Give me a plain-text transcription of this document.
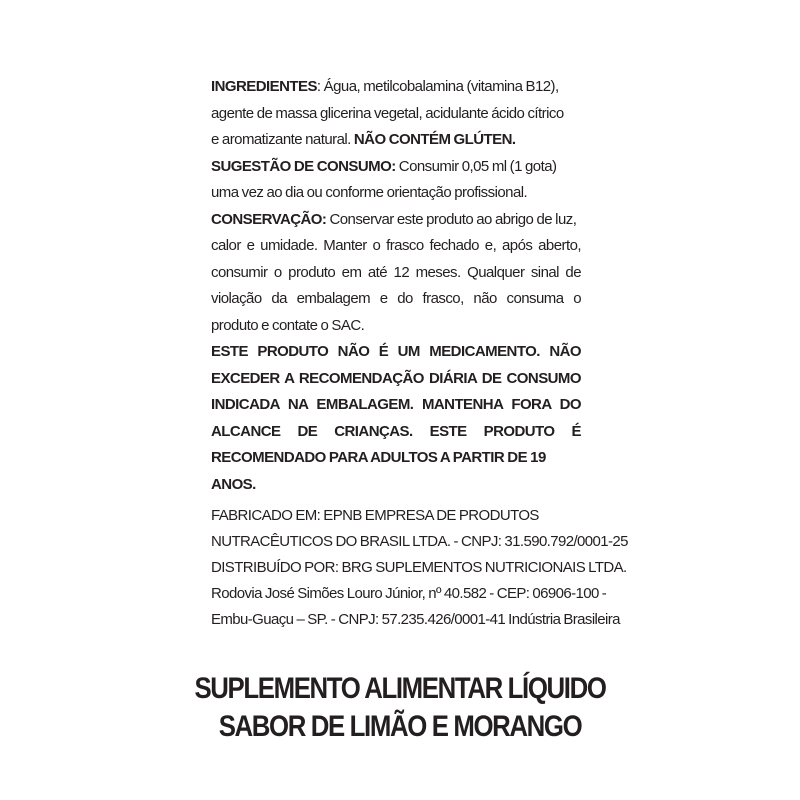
INGREDIENTES: Água, metilcobalamina (vitamina B12),

agente de massa glicerina vegetal, acidulante ácido cítrico

e aromatizante natural. NÃO CONTÉM GLÚTEN.

SUGESTÃO DE CONSUMO: Consumir 0,05 ml (1 gota)

uma vez ao dia ou conforme orientação profissional.

CONSERVAÇÃO: Conservar este produto ao abrigo de luz,

calor e umidade. Manter o frasco fechado e, após aberto,

consumir o produto em até 12 meses. Qualquer sinal de

violação da embalagem e do frasco, não consuma o

produto e contate o SAC.

ESTE PRODUTO NÃO É UM MEDICAMENTO. NÃO

EXCEDER A RECOMENDAÇÃO DIÁRIA DE CONSUMO

INDICADA NA EMBALAGEM. MANTENHA FORA DO

ALCANCE DE CRIANÇAS. ESTE PRODUTO É

RECOMENDADO PARA ADULTOS A PARTIR DE 19 ANOS.

FABRICADO EM: EPNB EMPRESA DE PRODUTOS

NUTRACÊUTICOS DO BRASIL LTDA. - CNPJ: 31.590.792/0001-25

DISTRIBUÍDO POR: BRG SUPLEMENTOS NUTRICIONAIS LTDA.

Rodovia José Simões Louro Júnior, nº 40.582 - CEP: 06906-100 -

Embu-Guaçu – SP. - CNPJ: 57.235.426/0001-41 Indústria Brasileira

SUPLEMENTO ALIMENTAR LÍQUIDO

SABOR DE LIMÃO E MORANGO
